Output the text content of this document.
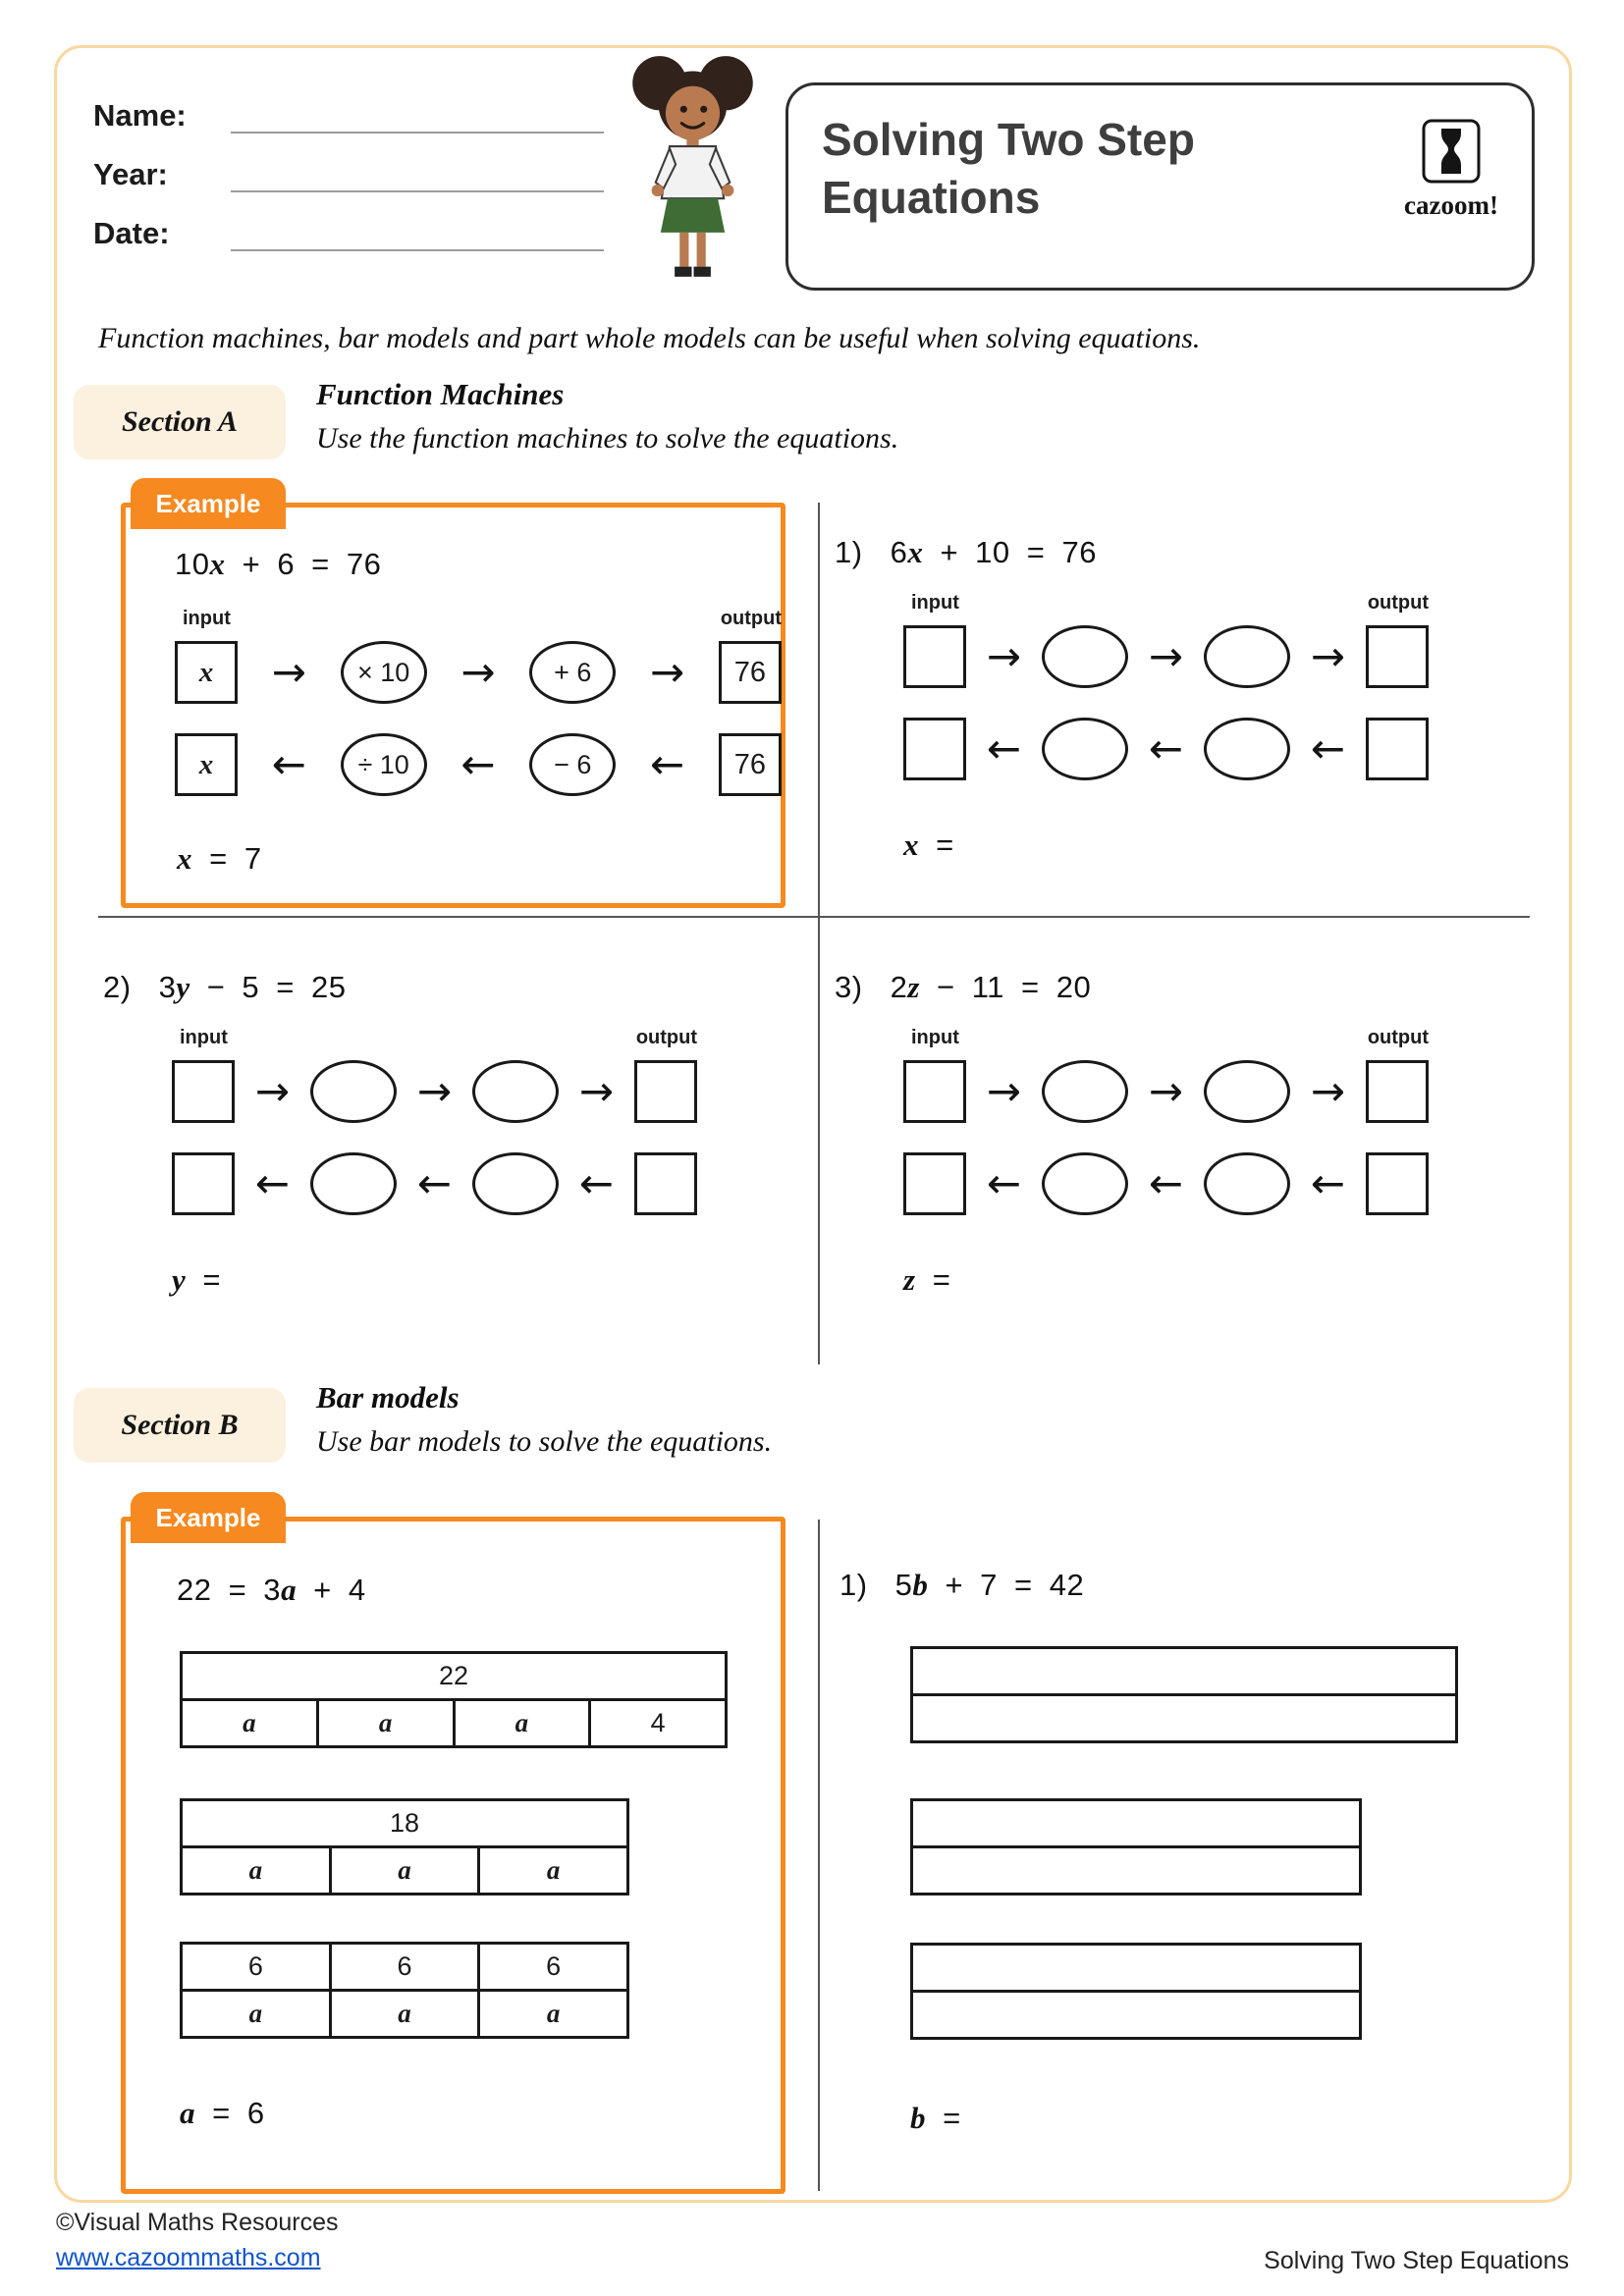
Name:
Year:
Date:
Solving Two Step
Equations	cazoom!
Function machines, bar models and part whole models can be useful when solving equations.
Section A
Function Machines
Use the function machines to solve the equations.
10x + 6 = 76
input	output
x → × 10 → + 6 → 76
x ← ÷ 10 ← − 6 ← 76
x = 7
Example
1) 6x + 10 = 76
input	output
→	→	→
←	←	←
x =
2) 3y − 5 = 25
input	output
→	→	→
←	←	←
y =
3) 2z − 11 = 20
input	output
→	→	→
←	←	←
z =
Section B
Bar models
Use bar models to solve the equations.
22 = 3a + 4
22
a	a	a	4
18
a	a	a
6	6	6
a	a	a
a = 6
Example
1) 5b + 7 = 42
b =
©Visual Maths Resources
www.cazoommaths.com	Solving Two Step Equations
